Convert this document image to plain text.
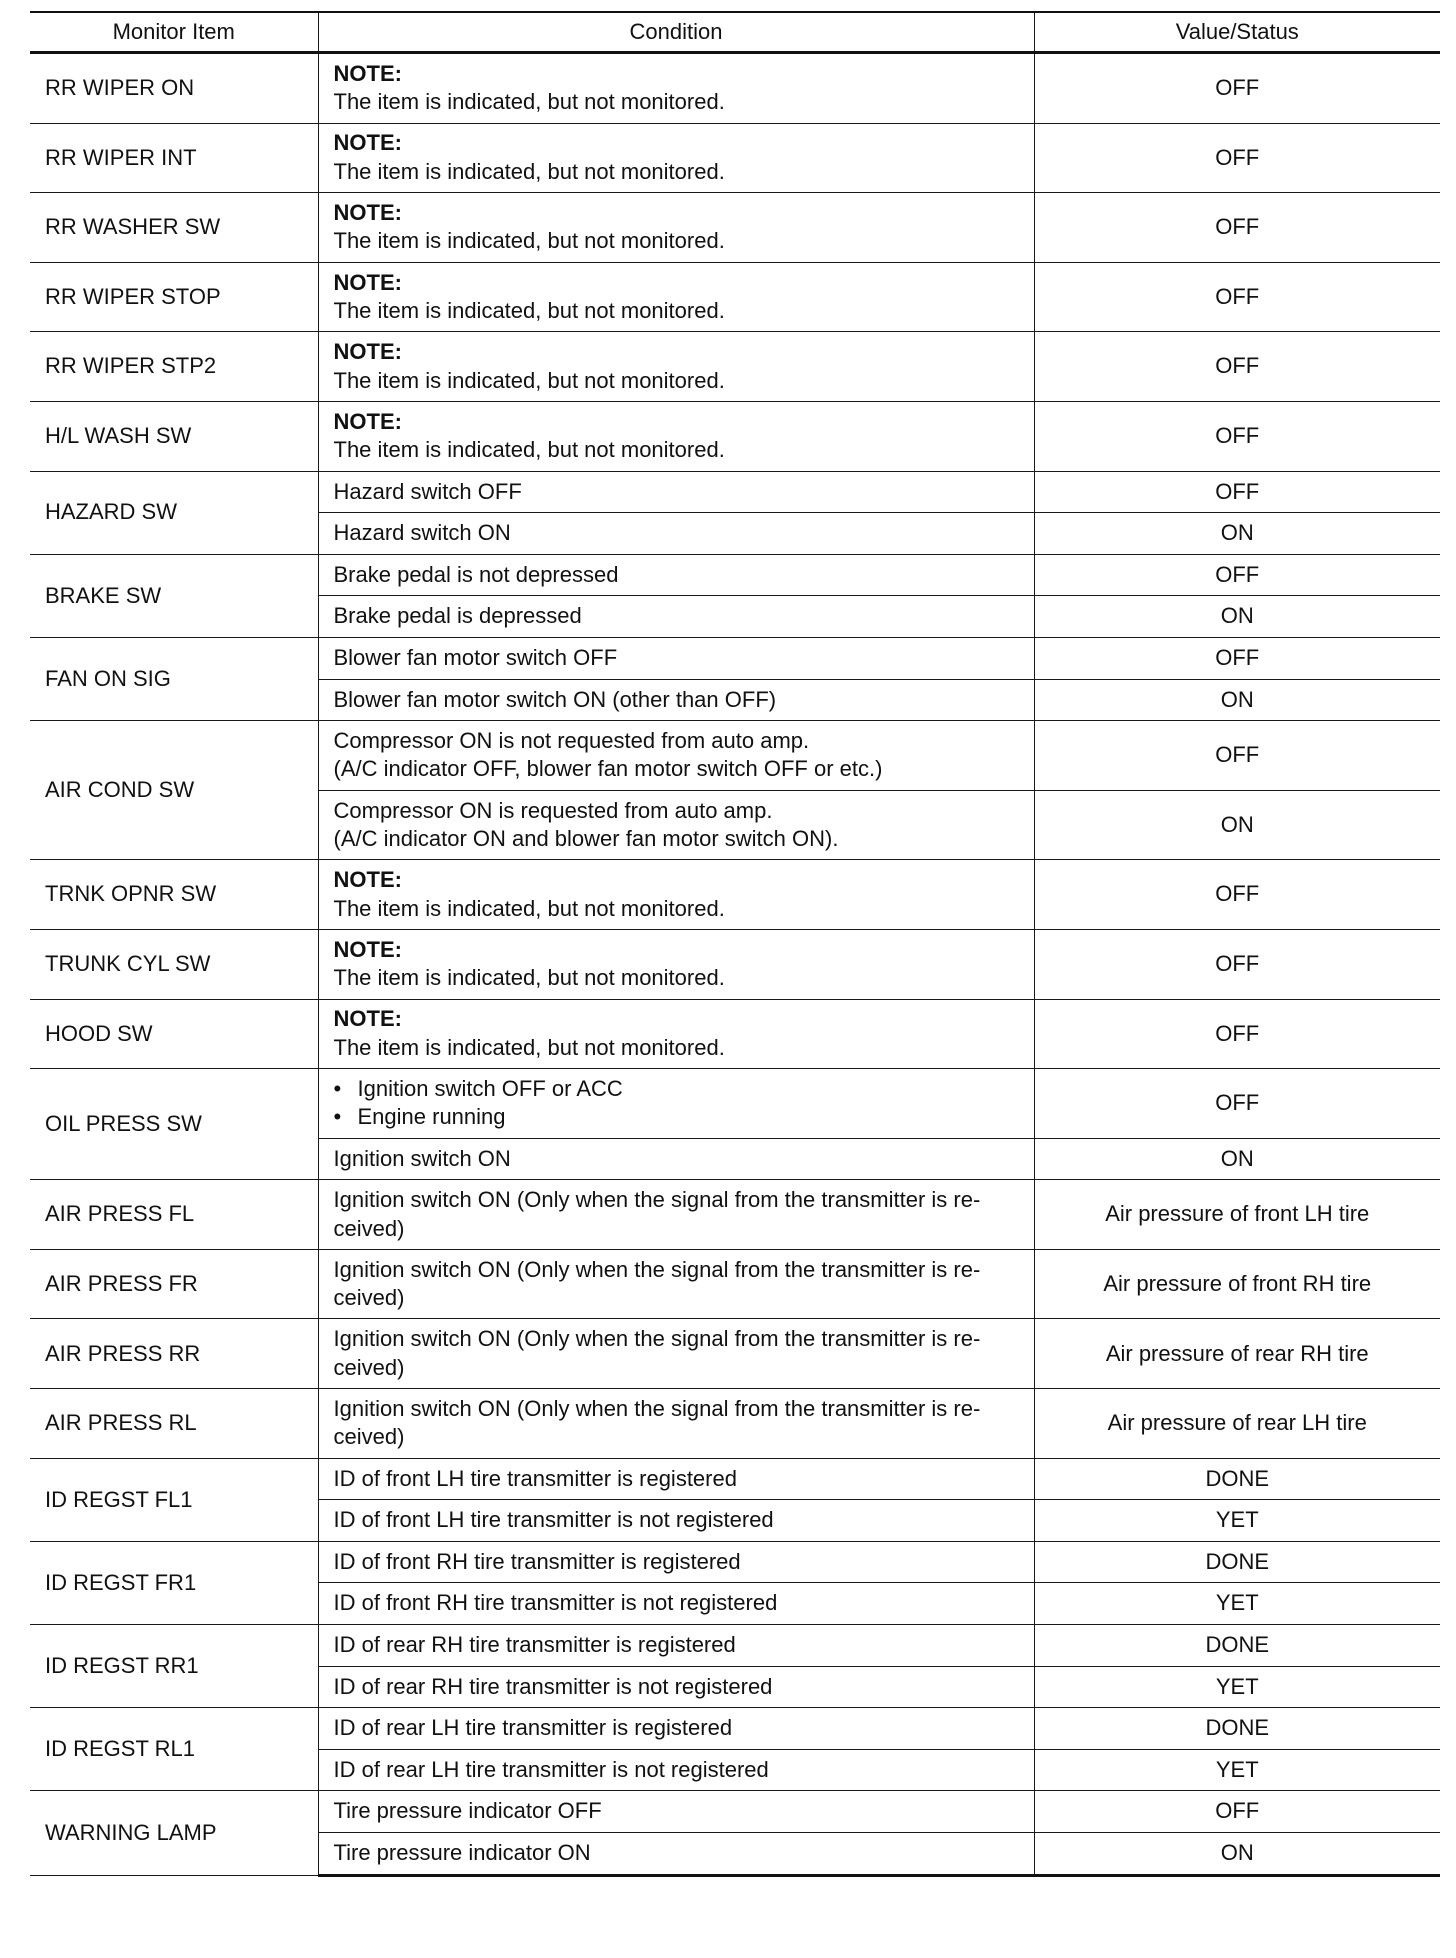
Monitor Item	Condition	Value/Status
RR WIPER ON	NOTE:
The item is indicated, but not monitored.	OFF
RR WIPER INT	NOTE:
The item is indicated, but not monitored.	OFF
RR WASHER SW	NOTE:
The item is indicated, but not monitored.	OFF
RR WIPER STOP	NOTE:
The item is indicated, but not monitored.	OFF
RR WIPER STP2	NOTE:
The item is indicated, but not monitored.	OFF
H/L WASH SW	NOTE:
The item is indicated, but not monitored.	OFF
HAZARD SW	Hazard switch OFF	OFF
	Hazard switch ON	ON
BRAKE SW	Brake pedal is not depressed	OFF
	Brake pedal is depressed	ON
FAN ON SIG	Blower fan motor switch OFF	OFF
	Blower fan motor switch ON (other than OFF)	ON
AIR COND SW	Compressor ON is not requested from auto amp.
(A/C indicator OFF, blower fan motor switch OFF or etc.)	OFF

	Compressor ON is requested from auto amp.
(A/C indicator ON and blower fan motor switch ON).	ON
TRNK OPNR SW	NOTE:
The item is indicated, but not monitored.	OFF
TRUNK CYL SW	NOTE:
The item is indicated, but not monitored.	OFF
HOOD SW	NOTE:
The item is indicated, but not monitored.	OFF
OIL PRESS SW	• Ignition switch OFF or ACC
• Engine running	OFF
	Ignition switch ON	ON
AIR PRESS FL	Ignition switch ON (Only when the signal from the transmitter is re-
ceived)	Air pressure of front LH tire
AIR PRESS FR	Ignition switch ON (Only when the signal from the transmitter is re-
ceived)	Air pressure of front RH tire
AIR PRESS RR	Ignition switch ON (Only when the signal from the transmitter is re-
ceived)	Air pressure of rear RH tire
AIR PRESS RL	Ignition switch ON (Only when the signal from the transmitter is re-
ceived)	Air pressure of rear LH tire
ID REGST FL1	ID of front LH tire transmitter is registered	DONE
	ID of front LH tire transmitter is not registered	YET
ID REGST FR1	ID of front RH tire transmitter is registered	DONE
	ID of front RH tire transmitter is not registered	YET
ID REGST RR1	ID of rear RH tire transmitter is registered	DONE
	ID of rear RH tire transmitter is not registered	YET
ID REGST RL1	ID of rear LH tire transmitter is registered	DONE
	ID of rear LH tire transmitter is not registered	YET
WARNING LAMP	Tire pressure indicator OFF	OFF
	Tire pressure indicator ON	ON
